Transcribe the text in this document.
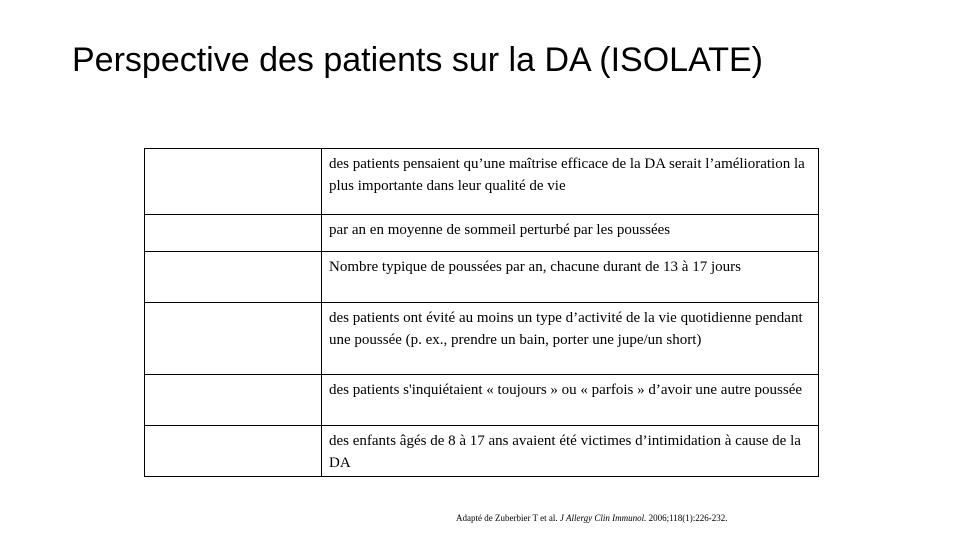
Perspective des patients sur la DA (ISOLATE)

	des patients pensaient qu’une maîtrise efficace de la DA serait l’amélioration la plus importante dans leur qualité de vie

	par an en moyenne de sommeil perturbé par les poussées

	Nombre typique de poussées par an, chacune durant de 13 à 17 jours

	des patients ont évité au moins un type d’activité de la vie quotidienne pendant une poussée (p. ex., prendre un bain, porter une jupe/un short)

	des patients s'inquiétaient « toujours » ou « parfois » d’avoir une autre poussée

	des enfants âgés de 8 à 17 ans avaient été victimes d’intimidation à cause de la DA
Adapté de Zuberbier T et al. J Allergy Clin Immunol. 2006;118(1):226-232.
